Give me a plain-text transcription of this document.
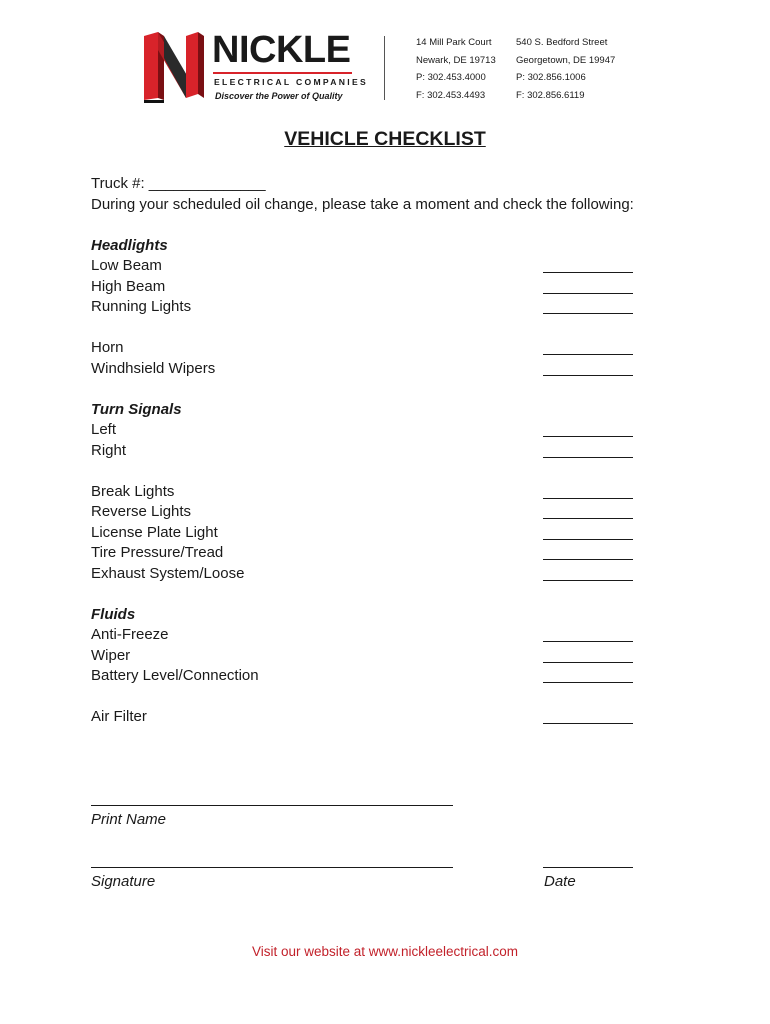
NICKLE
ELECTRICAL COMPANIES
Discover the Power of Quality
14 Mill Park Court
Newark, DE 19713
P: 302.453.4000
F: 302.453.4493
540 S. Bedford Street
Georgetown, DE 19947
P: 302.856.1006
F: 302.856.6119
VEHICLE CHECKLIST
Truck #: ______________
During your scheduled oil change, please take a moment and check the following:
Headlights
Low Beam
High Beam
Running Lights
Horn
Windhsield Wipers
Turn Signals
Left
Right
Break Lights
Reverse Lights
License Plate Light
Tire Pressure/Tread
Exhaust System/Loose
Fluids
Anti-Freeze
Wiper
Battery Level/Connection
Air Filter
Print Name
Signature	Date
Visit our website at www.nickleelectrical.com
